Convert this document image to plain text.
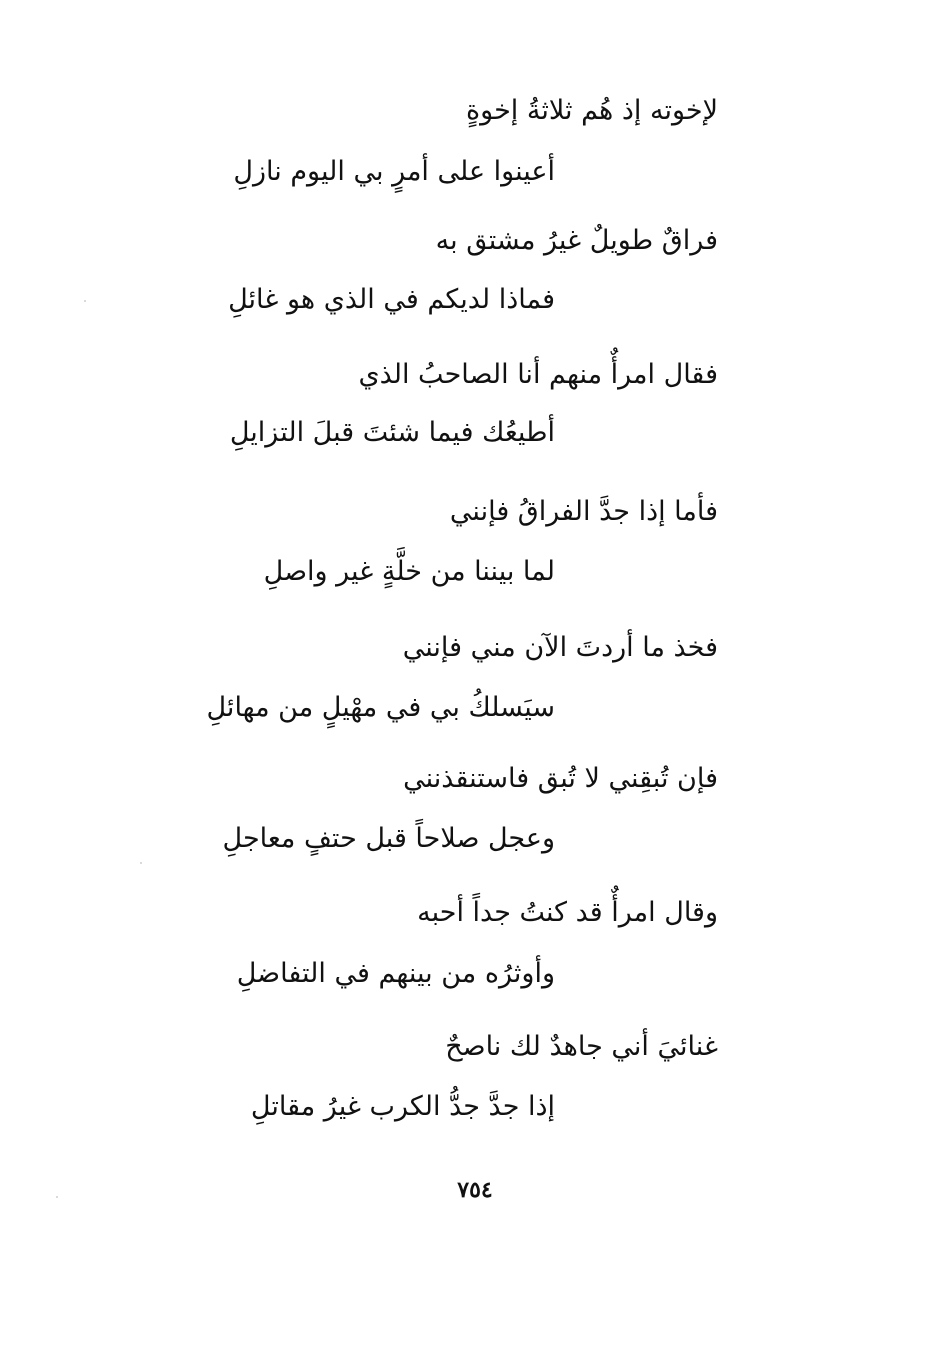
لإخوته إذ هُم ثلاثةُ إخوةٍ
أعينوا على أمرٍ بي اليوم نازلِ
فراقٌ طويلٌ غيرُ مشتق به
فماذا لديكم في الذي هو غائلِ
فقال امرأٌ منهم أنا الصاحبُ الذي
أطيعُك فيما شئتَ قبلَ التزايلِ
فأما إذا جدَّ الفراقُ فإنني
لما بيننا من خلَّةٍ غير واصلِ
فخذ ما أردتَ الآن مني فإنني
سيَسلكُ بي في مهْيلٍ من مهائلِ
فإن تُبقِني لا تُبق فاستنقذنني
وعجل صلاحاً قبل حتفٍ معاجلِ
وقال امرأٌ قد كنتُ جداً أحبه
وأوثرُه من بينهم في التفاضلِ
غنائيَ أني جاهدٌ لك ناصحٌ
إذا جدَّ جدُّ الكرب غيرُ مقاتلِ
٧٥٤
